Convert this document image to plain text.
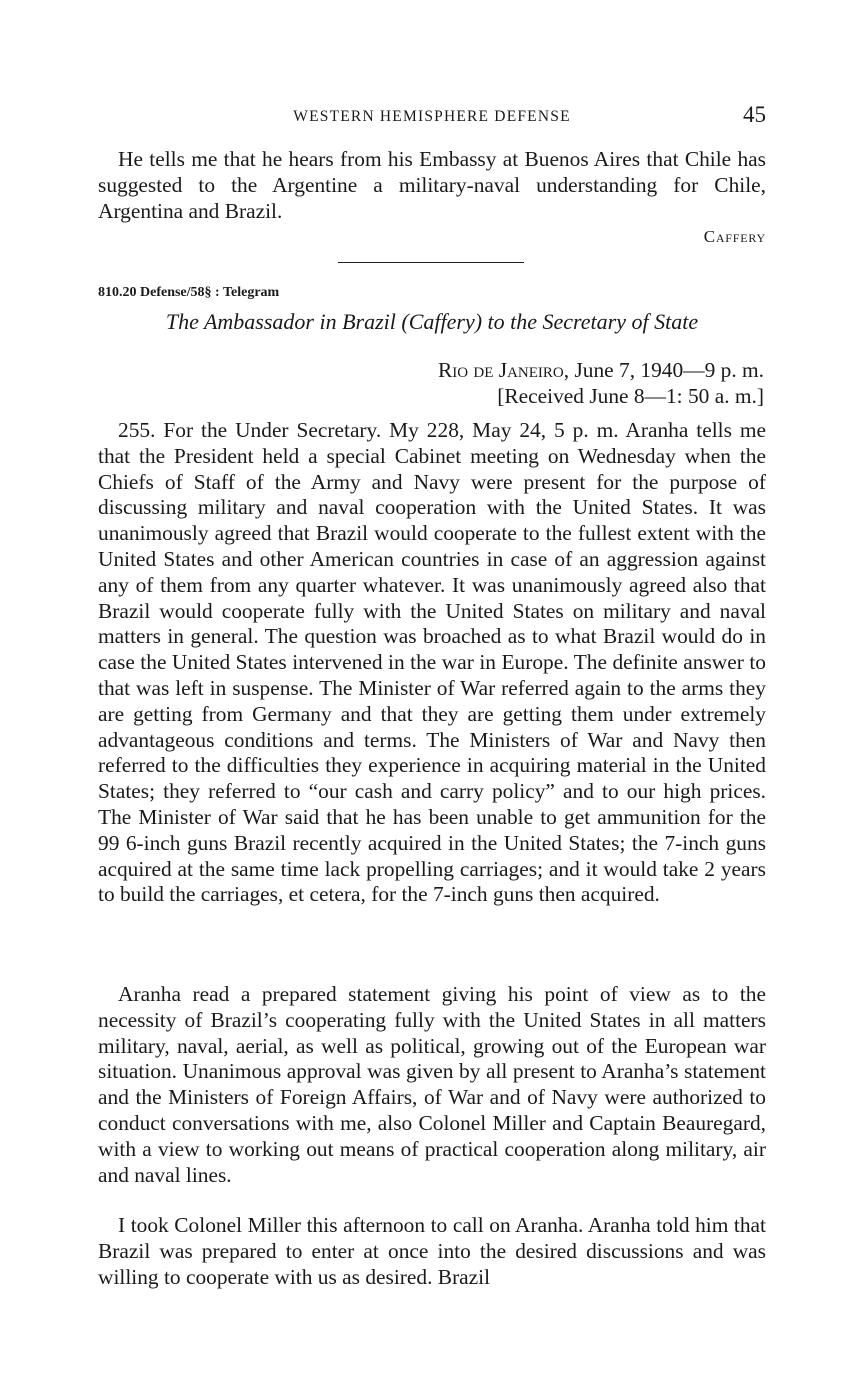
WESTERN HEMISPHERE DEFENSE	45

He tells me that he hears from his Embassy at Buenos Aires that Chile has suggested to the Argentine a military-naval understanding for Chile, Argentina and Brazil.

Caffery
810.20 Defense/58§ : Telegram
The Ambassador in Brazil (Caffery) to the Secretary of State
Rio de Janeiro, June 7, 1940—9 p. m.
[Received June 8—1: 50 a. m.]

255. For the Under Secretary. My 228, May 24, 5 p. m. Aranha tells me that the President held a special Cabinet meeting on Wednesday when the Chiefs of Staff of the Army and Navy were present for the purpose of discussing military and naval cooperation with the United States. It was unanimously agreed that Brazil would cooperate to the fullest extent with the United States and other American countries in case of an aggression against any of them from any quarter whatever. It was unanimously agreed also that Brazil would cooperate fully with the United States on military and naval matters in general. The question was broached as to what Brazil would do in case the United States intervened in the war in Europe. The definite answer to that was left in suspense. The Minister of War referred again to the arms they are getting from Germany and that they are getting them under extremely advantageous conditions and terms. The Ministers of War and Navy then referred to the difficulties they experience in acquiring material in the United States; they referred to “our cash and carry policy” and to our high prices. The Minister of War said that he has been unable to get ammunition for the 99 6-inch guns Brazil recently acquired in the United States; the 7-inch guns acquired at the same time lack propelling carriages; and it would take 2 years to build the carriages, et cetera, for the 7-inch guns then acquired.

Aranha read a prepared statement giving his point of view as to the necessity of Brazil’s cooperating fully with the United States in all matters military, naval, aerial, as well as political, growing out of the European war situation. Unanimous approval was given by all present to Aranha’s statement and the Ministers of Foreign Affairs, of War and of Navy were authorized to conduct conversations with me, also Colonel Miller and Captain Beauregard, with a view to working out means of practical cooperation along military, air and naval lines.

I took Colonel Miller this afternoon to call on Aranha. Aranha told him that Brazil was prepared to enter at once into the desired discussions and was willing to cooperate with us as desired. Brazil
